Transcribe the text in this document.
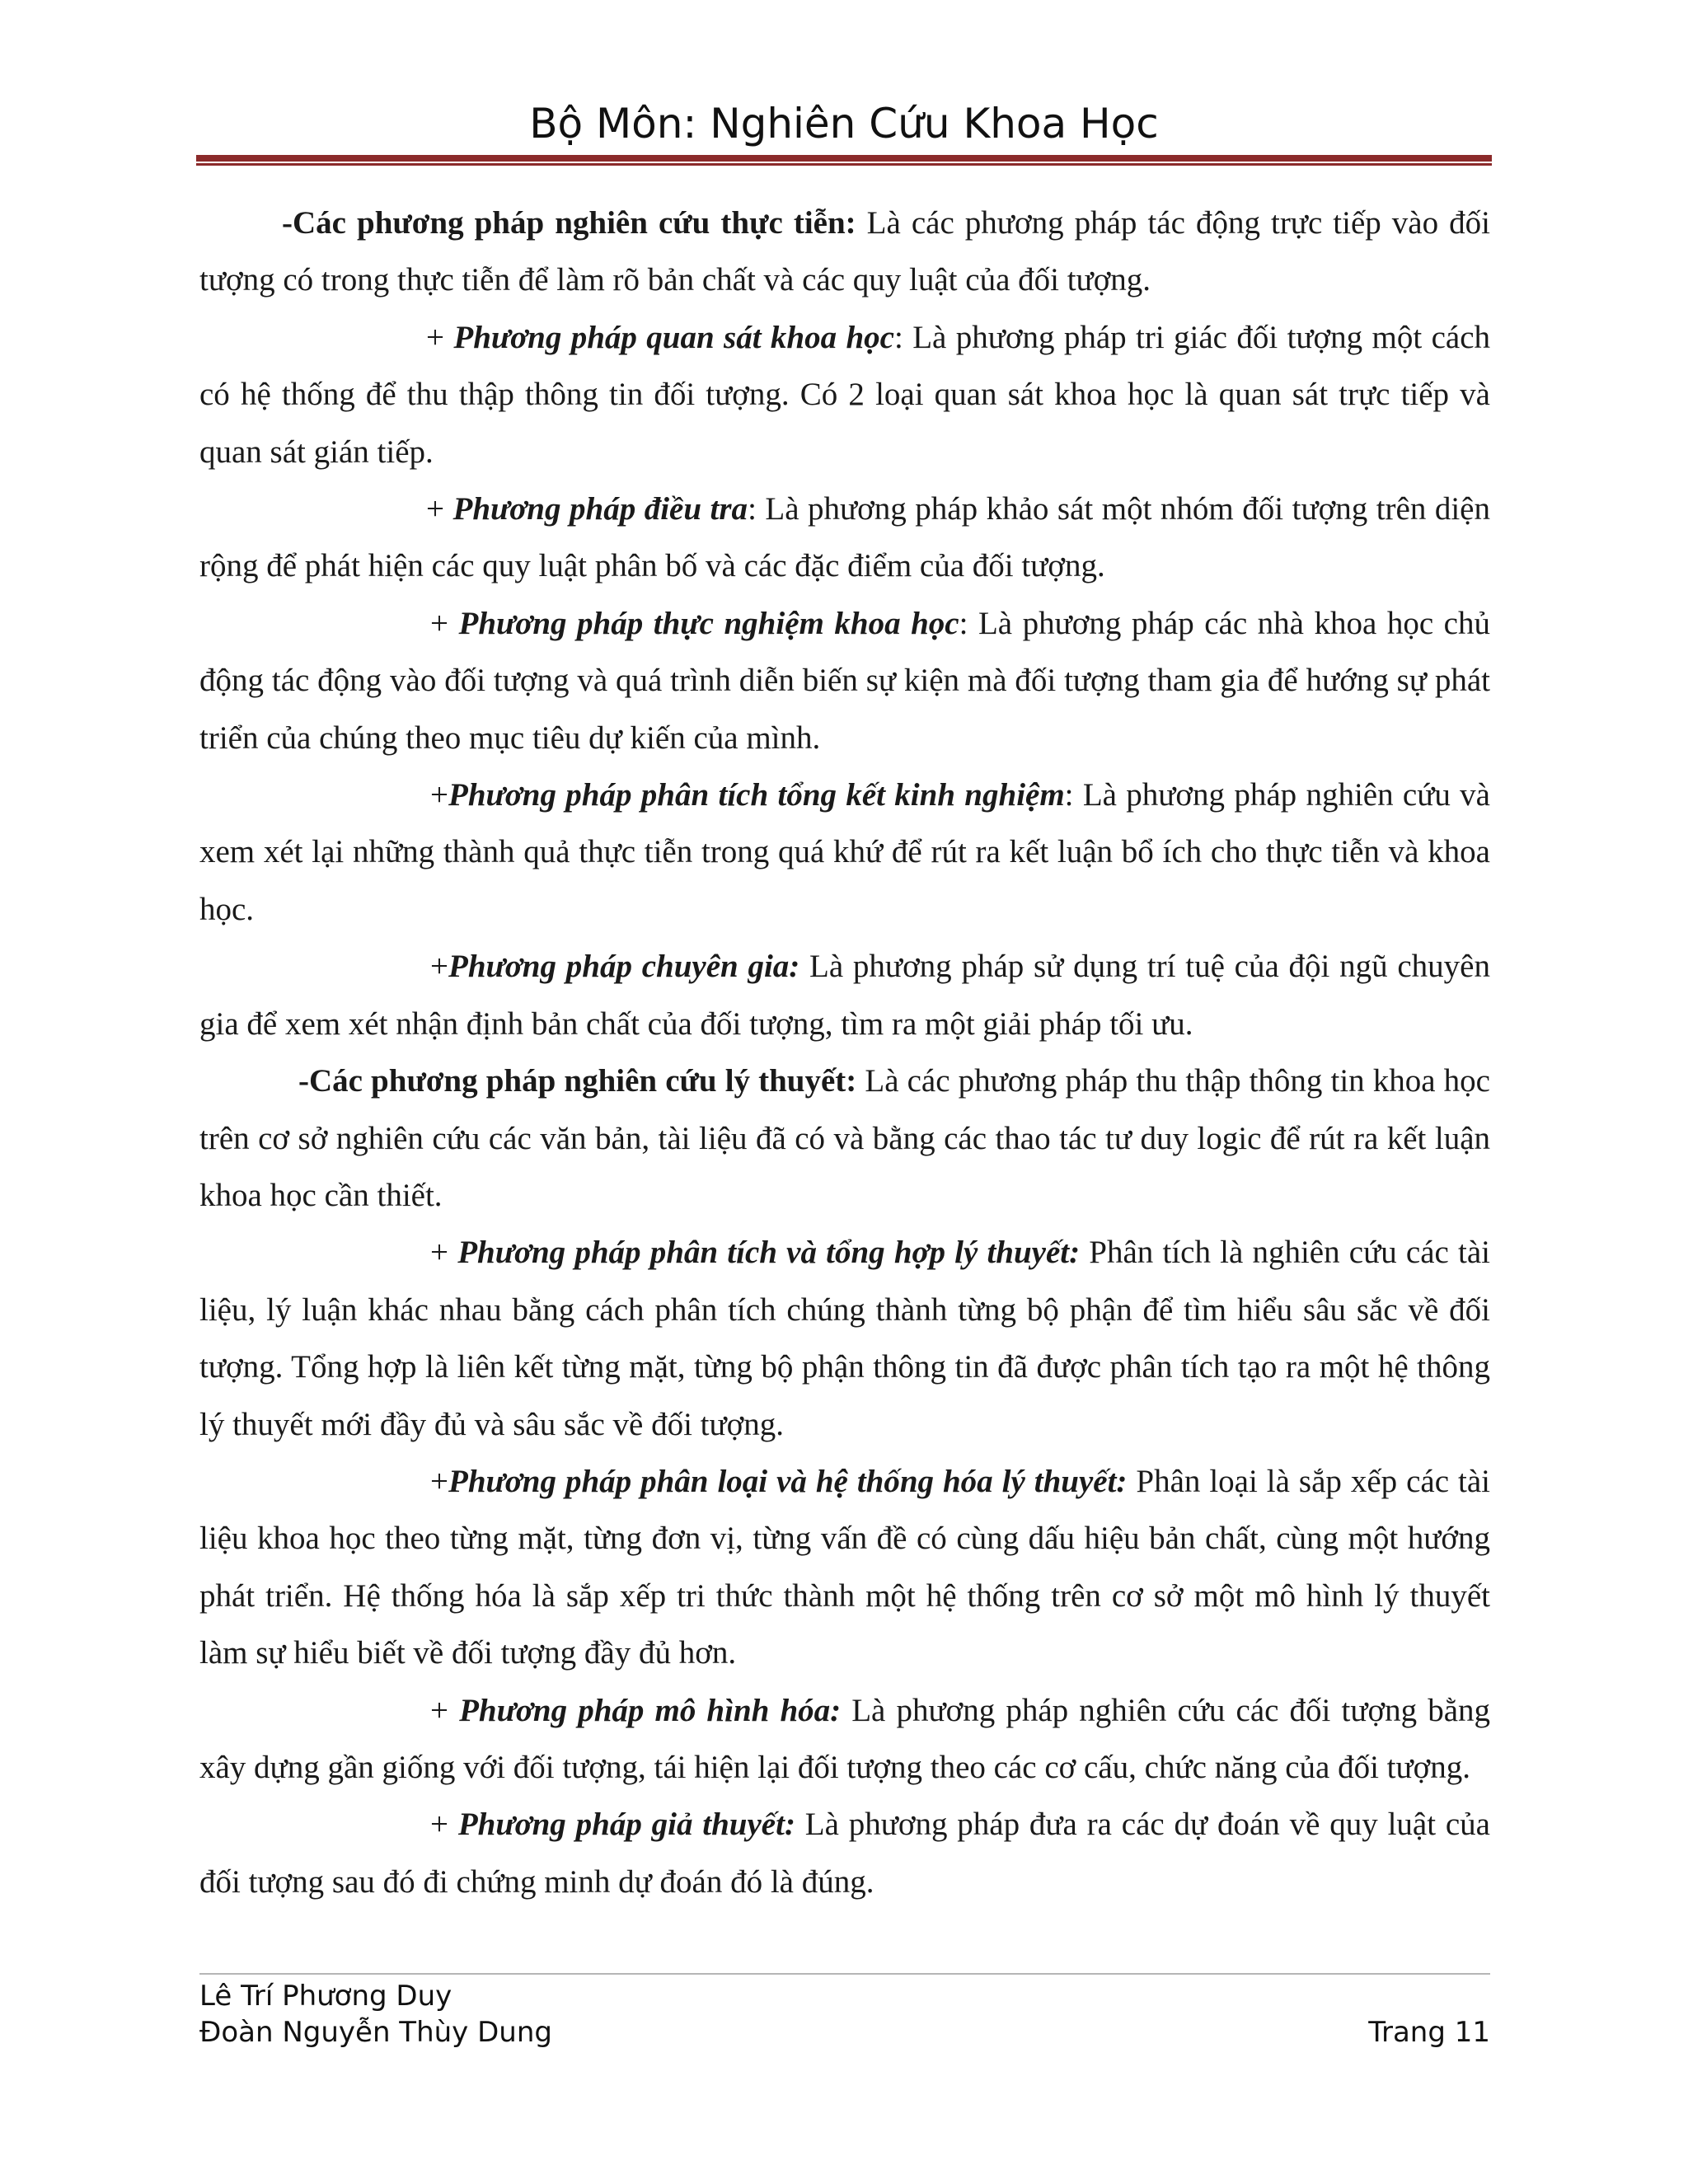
Bộ Môn: Nghiên Cứu Khoa Học

-Các phương pháp nghiên cứu thực tiễn: Là các phương pháp tác động trực tiếp vào đối tượng có trong thực tiễn để làm rõ bản chất và các quy luật của đối tượng.

+ Phương pháp quan sát khoa học: Là phương pháp tri giác đối tượng một cách có hệ thống để thu thập thông tin đối tượng. Có 2 loại quan sát khoa học là quan sát trực tiếp và quan sát gián tiếp.

+ Phương pháp điều tra: Là phương pháp khảo sát một nhóm đối tượng trên diện rộng để phát hiện các quy luật phân bố và các đặc điểm của đối tượng.

+ Phương pháp thực nghiệm khoa học: Là phương pháp các nhà khoa học chủ động tác động vào đối tượng và quá trình diễn biến sự kiện mà đối tượng tham gia để hướng sự phát triển của chúng theo mục tiêu dự kiến của mình.

+Phương pháp phân tích tổng kết kinh nghiệm: Là phương pháp nghiên cứu và xem xét lại những thành quả thực tiễn trong quá khứ để rút ra kết luận bổ ích cho thực tiễn và khoa học.

+Phương pháp chuyên gia: Là phương pháp sử dụng trí tuệ của đội ngũ chuyên gia để xem xét nhận định bản chất của đối tượng, tìm ra một giải pháp tối ưu.

-Các phương pháp nghiên cứu lý thuyết: Là các phương pháp thu thập thông tin khoa học trên cơ sở nghiên cứu các văn bản, tài liệu đã có và bằng các thao tác tư duy logic để rút ra kết luận khoa học cần thiết.

+ Phương pháp phân tích và tổng hợp lý thuyết: Phân tích là nghiên cứu các tài liệu, lý luận khác nhau bằng cách phân tích chúng thành từng bộ phận để tìm hiểu sâu sắc về đối tượng. Tổng hợp là liên kết từng mặt, từng bộ phận thông tin đã được phân tích tạo ra một hệ thông lý thuyết mới đầy đủ và sâu sắc về đối tượng.

+Phương pháp phân loại và hệ thống hóa lý thuyết: Phân loại là sắp xếp các tài liệu khoa học theo từng mặt, từng đơn vị, từng vấn đề có cùng dấu hiệu bản chất, cùng một hướng phát triển. Hệ thống hóa là sắp xếp tri thức thành một hệ thống trên cơ sở một mô hình lý thuyết làm sự hiểu biết về đối tượng đầy đủ hơn.

+ Phương pháp mô hình hóa: Là phương pháp nghiên cứu các đối tượng bằng xây dựng gần giống với đối tượng, tái hiện lại đối tượng theo các cơ cấu, chức năng của đối tượng.

+ Phương pháp giả thuyết: Là phương pháp đưa ra các dự đoán về quy luật của đối tượng sau đó đi chứng minh dự đoán đó là đúng.

Lê Trí Phương Duy
Đoàn Nguyễn Thùy Dung	Trang 11
